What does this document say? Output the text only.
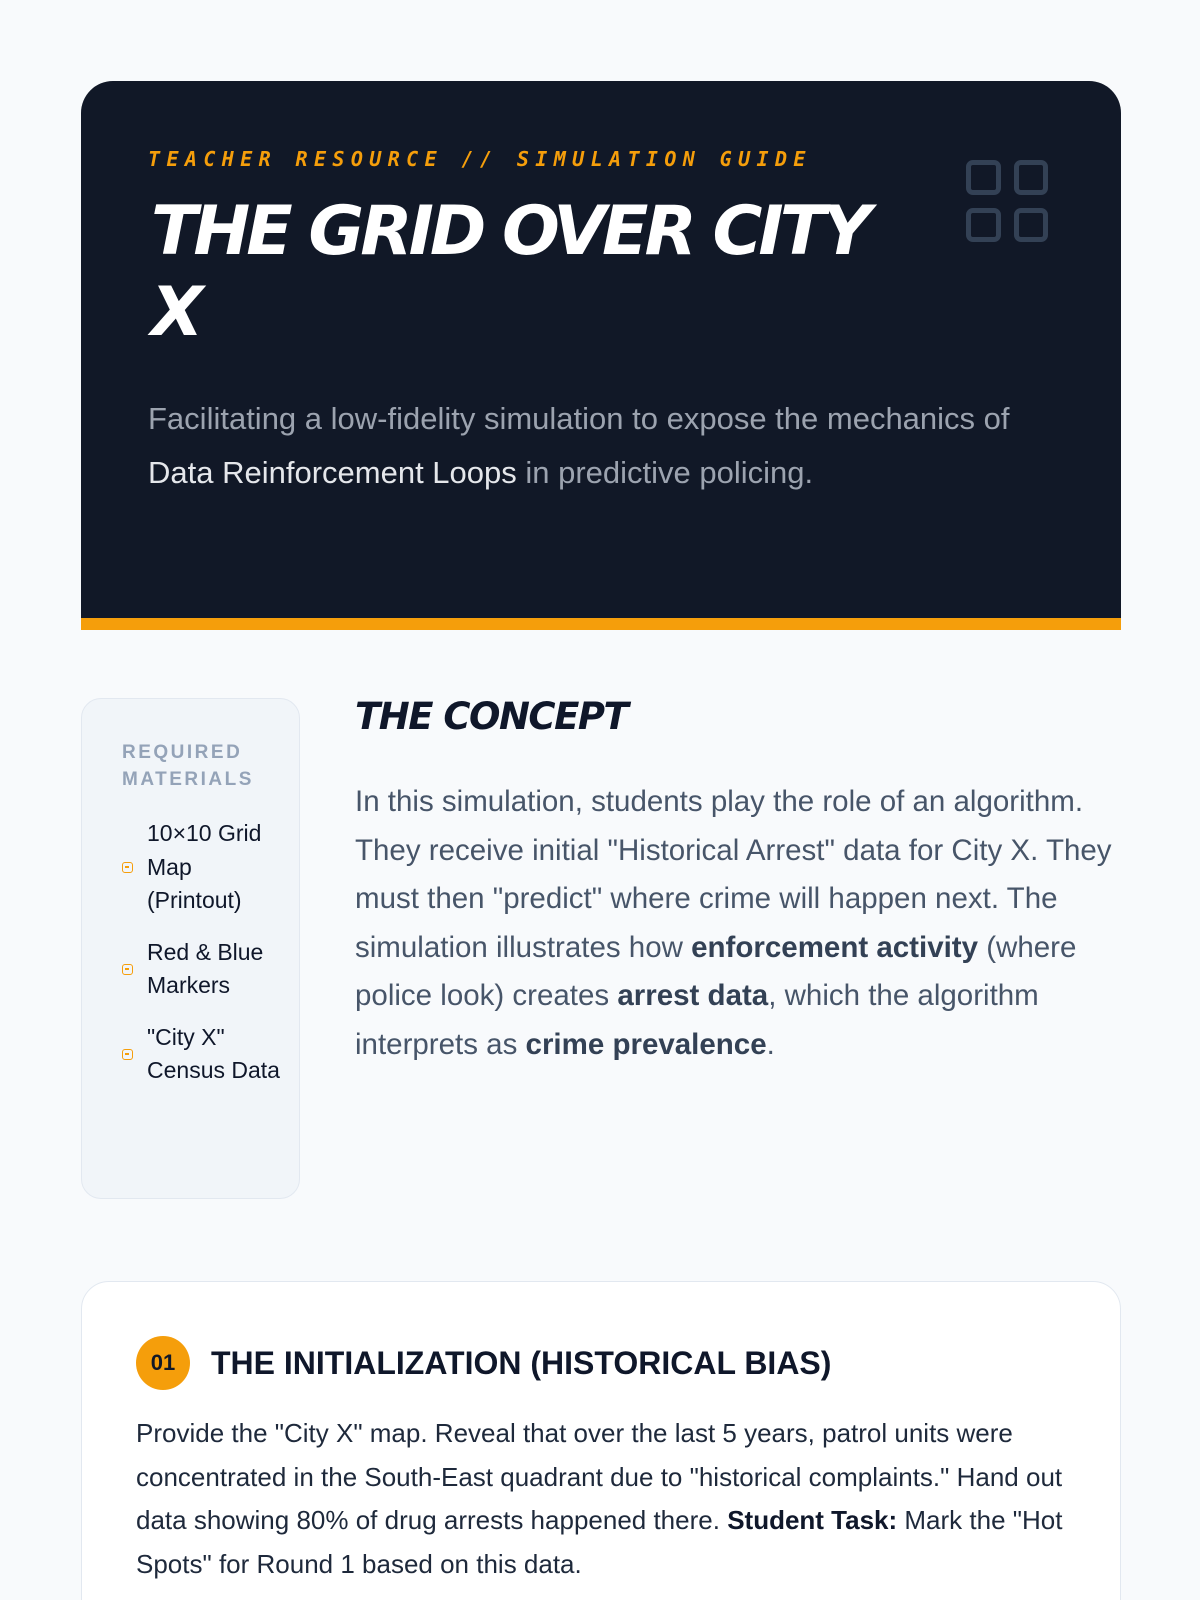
TEACHER RESOURCE // SIMULATION GUIDE
THE GRID OVER CITY X

Facilitating a low-fidelity simulation to expose the mechanics of Data Reinforcement Loops in predictive policing.

REQUIRED MATERIALS
10×10 Grid Map (Printout)
Red & Blue Markers
"City X" Census Data
THE CONCEPT

In this simulation, students play the role of an algorithm. They receive initial "Historical Arrest" data for City X. They must then "predict" where crime will happen next. The simulation illustrates how enforcement activity (where police look) creates arrest data, which the algorithm interprets as crime prevalence.

01	THE INITIALIZATION (HISTORICAL BIAS)

Provide the "City X" map. Reveal that over the last 5 years, patrol units were concentrated in the South-East quadrant due to "historical complaints." Hand out data showing 80% of drug arrests happened there. Student Task: Mark the "Hot Spots" for Round 1 based on this data.
